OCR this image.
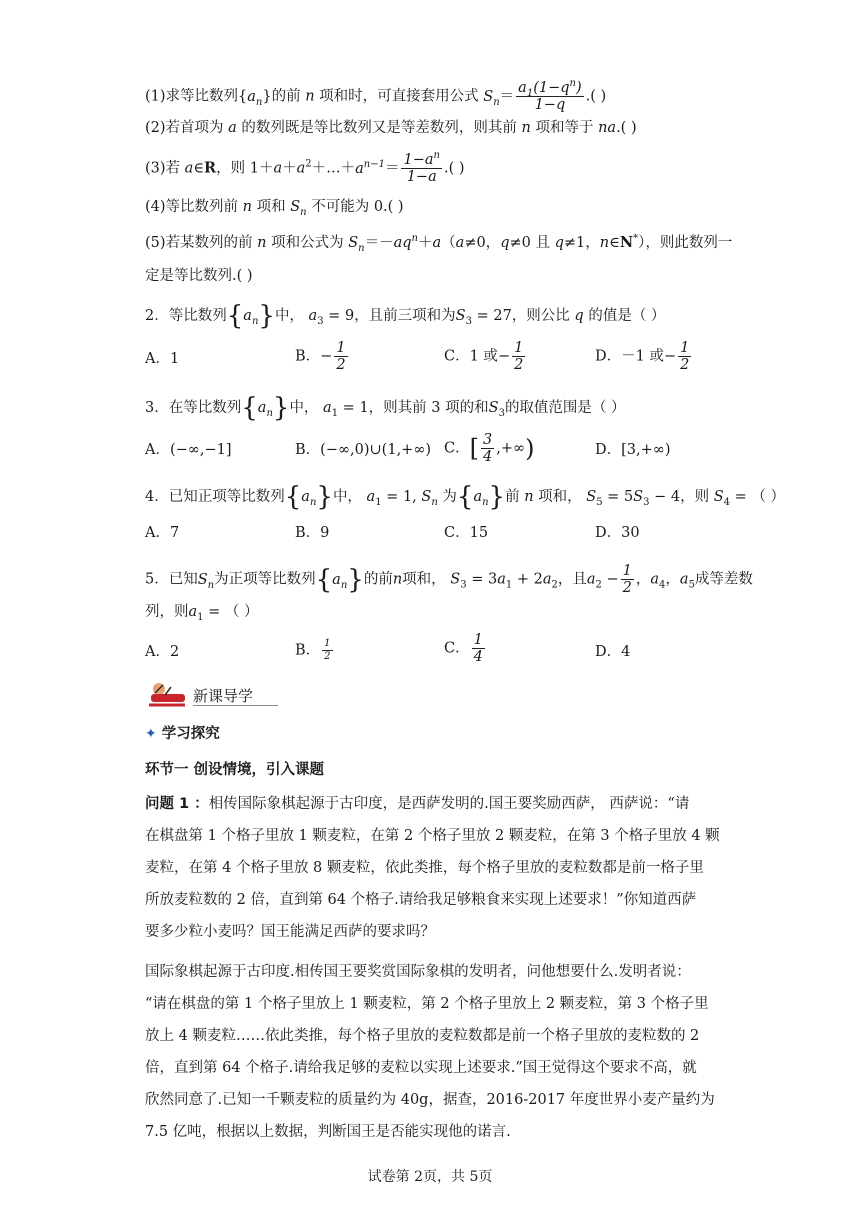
(1)求等比数列$\{a_n\}$的前 n 项和时，可直接套用公式 $S_n= \frac{a_1(1-q^n)}{1-q}$ .( )
(2)若首项为 a 的数列既是等比数列又是等差数列，则其前 n 项和等于 na.( )
(3)若 a∈R，则 $1+a+a^2+\dots+a^{n-1}= \frac{1-a^n}{1-a}$ .( )
(4)等比数列前 n 项和 $S_n$ 不可能为 0.( )
(5)若某数列的前 n 项和公式为 $S_n=-aq^n+a(a\ne 0$，q≠0 且 q≠1，n∈N*），则此数列一
定是等比数列.( )
2．等比数列$\{a_n\}$中， $a_3 = 9$，且前三项和为$S_3 = 27$，则公比 q 的值是（ ）
A．1	B．− $\frac{1}{2}$	C．1 或− $\frac{1}{2}$	D．－1 或− $\frac{1}{2}$
3．在等比数列$\{a_n\}$中， $a_1 = 1$，则其前 3 项的和$S_3$的取值范围是（ ）
A．(−∞,−1]	B．(−∞,0)∪(1,+∞) C．[ $\frac{3}{4}$ ,+∞)	D．[3,+∞)
4．已知正项等比数列$\{a_n\}$中， $a_1 = 1$, $S_n$ 为$\{a_n\}$前 n 项和， $S_5 = 5S_3 - 4$，则 $S_4$ = （ ）
A．7	B．9	C．15	D．30
5．已知$S_n$为正项等比数列$\{a_n\}$的前n项和， $S_3 = 3a_1 + 2a_2$，且$a_2 - \frac{1}{2}$ ，$a_4$，$a_5$成等差数
列，则$a_1$ = （ ）
A．2	B． $\frac{1}{2}$	C． $\frac{1}{4}$	D．4
新课导学
✦ 学习探究
环节一 创设情境，引入课题
问题 1 ：相传国际象棋起源于古印度，是西萨发明的.国王要奖励西萨， 西萨说：“请
在棋盘第 1 个格子里放 1 颗麦粒，在第 2 个格子里放 2 颗麦粒，在第 3 个格子里放 4 颗
麦粒，在第 4 个格子里放 8 颗麦粒，依此类推，每个格子里放的麦粒数都是前一格子里
所放麦粒数的 2 倍，直到第 64 个格子.请给我足够粮食来实现上述要求！”你知道西萨
要多少粒小麦吗？国王能满足西萨的要求吗？
国际象棋起源于古印度.相传国王要奖赏国际象棋的发明者，问他想要什么.发明者说：
“请在棋盘的第 1 个格子里放上 1 颗麦粒，第 2 个格子里放上 2 颗麦粒，第 3 个格子里
放上 4 颗麦粒……依此类推，每个格子里放的麦粒数都是前一个格子里放的麦粒数的 2
倍，直到第 64 个格子.请给我足够的麦粒以实现上述要求.”国王觉得这个要求不高，就
欣然同意了.已知一千颗麦粒的质量约为 40g，据查，2016-2017 年度世界小麦产量约为
7.5 亿吨，根据以上数据，判断国王是否能实现他的诺言.
试卷第 2页，共 5页
